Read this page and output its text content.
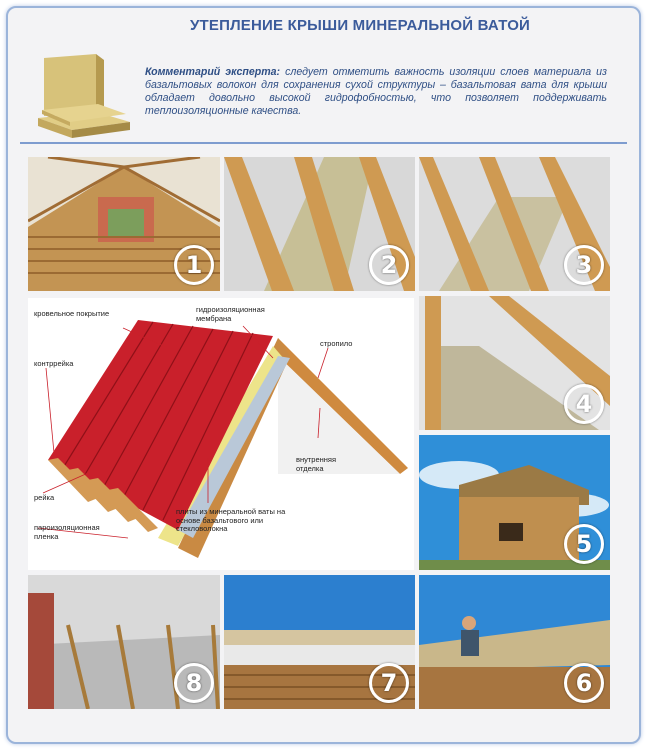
УТЕПЛЕНИЕ КРЫШИ МИНЕРАЛЬНОЙ ВАТОЙ
Комментарий эксперта: следует отметить важность изоляции слоев материала из базальтовых волокон для сохранения сухой структуры – базальтовая вата для крыши обладает довольно высокой гидрофобностью, что позволяет поддерживать теплоизоляционные качества.
1	2	3
4
5
8	7	6
кровельное покрытие	гидроизоляционная мембрана
стропило
контррейка
внутренняя отделка
рейка
пароизоляционная пленка
плиты из минеральной ваты на основе базальтового или стекловолокна
